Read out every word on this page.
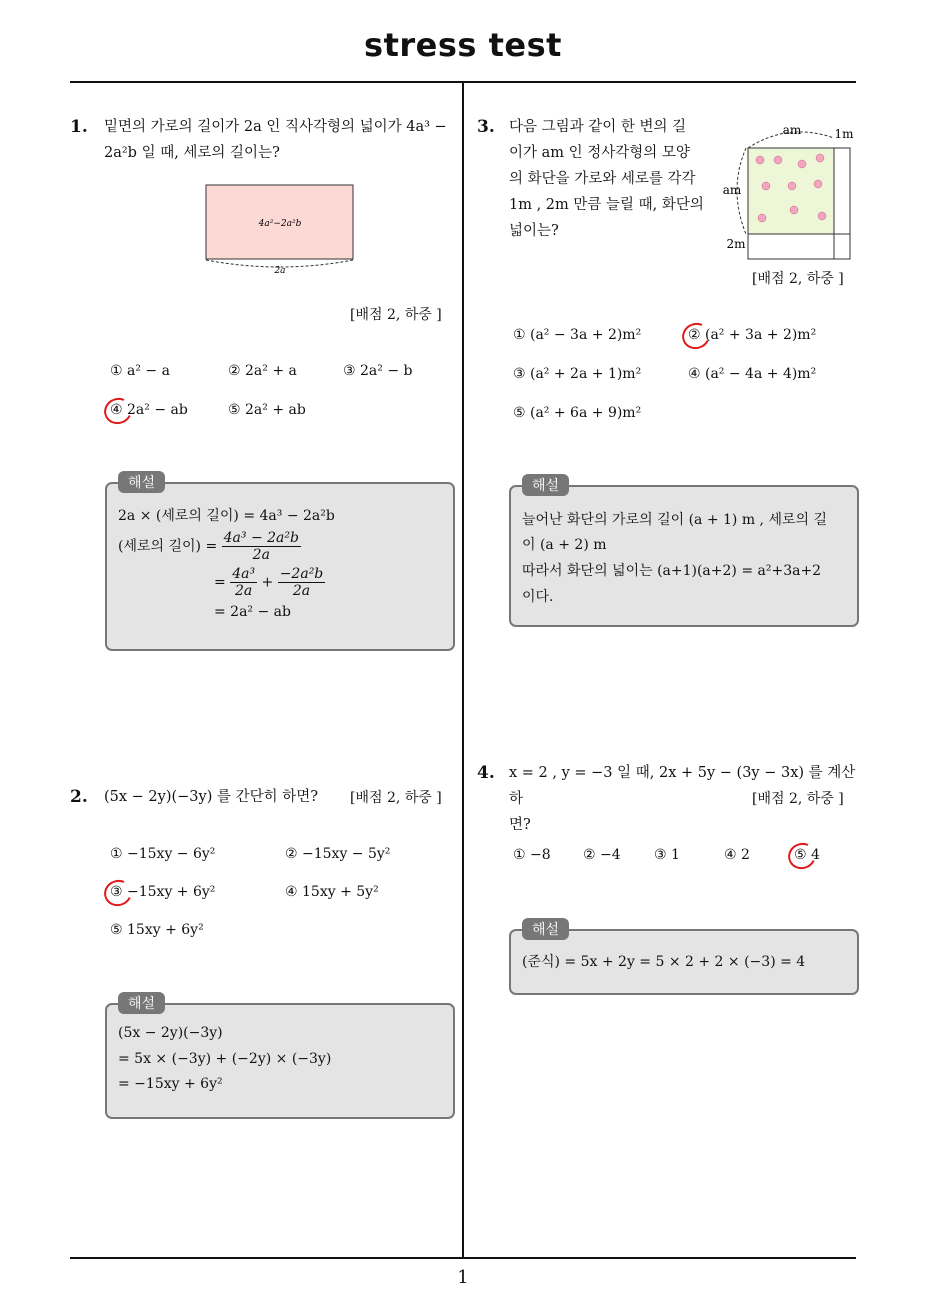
stress test
1
1. 밑면의 가로의 길이가 2a 인 직사각형의 넓이가 4a³ −
2a²b 일 때, 세로의 길이는?
4a²−2a²b
2a
[배점 2, 하중 ]
① a² − a	② 2a² + a	③ 2a² − b
④ 2a² − ab	⑤ 2a² + ab
해설
2a × (세로의 길이) = 4a³ − 2a²b
(세로의 길이) = $\frac{\text{4a³ − 2a²b}}{2a}$
= $\frac{\text{4a³}}{2a} + \frac{\text{−2a²b}}{2a}$
= 2a² − ab
2. (5x − 2y)(−3y) 를 간단히 하면? [배점 2, 하중 ]
① −15xy − 6y²	② −15xy − 5y²
③ −15xy + 6y²	④ 15xy + 5y²
⑤ 15xy + 6y²
해설
(5x − 2y)(−3y)
= 5x × (−3y) + (−2y) × (−3y)
= −15xy + 6y²
3. 다음 그림과 같이 한 변의 길
이가 am 인 정사각형의 모양
의 화단을 가로와 세로를 각각
1m , 2m 만큼 늘릴 때, 화단의
넓이는?
am	1m
am
2m
[배점 2, 하중 ]
① (a² − 3a + 2)m²	② (a² + 3a + 2)m²
③ (a² + 2a + 1)m²	④ (a² − 4a + 4)m²
⑤ (a² + 6a + 9)m²
해설
늘어난 화단의 가로의 길이 (a + 1) m , 세로의 길
이 (a + 2) m
따라서 화단의 넓이는 (a+1)(a+2) = a²+3a+2
이다.
4. x = 2 , y = −3 일 때, 2x + 5y − (3y − 3x) 를 계산하
면?
[배점 2, 하중 ]
① −8 ② −4 ③ 1	④ 2	⑤ 4
해설
(준식) = 5x + 2y = 5 × 2 + 2 × (−3) = 4
